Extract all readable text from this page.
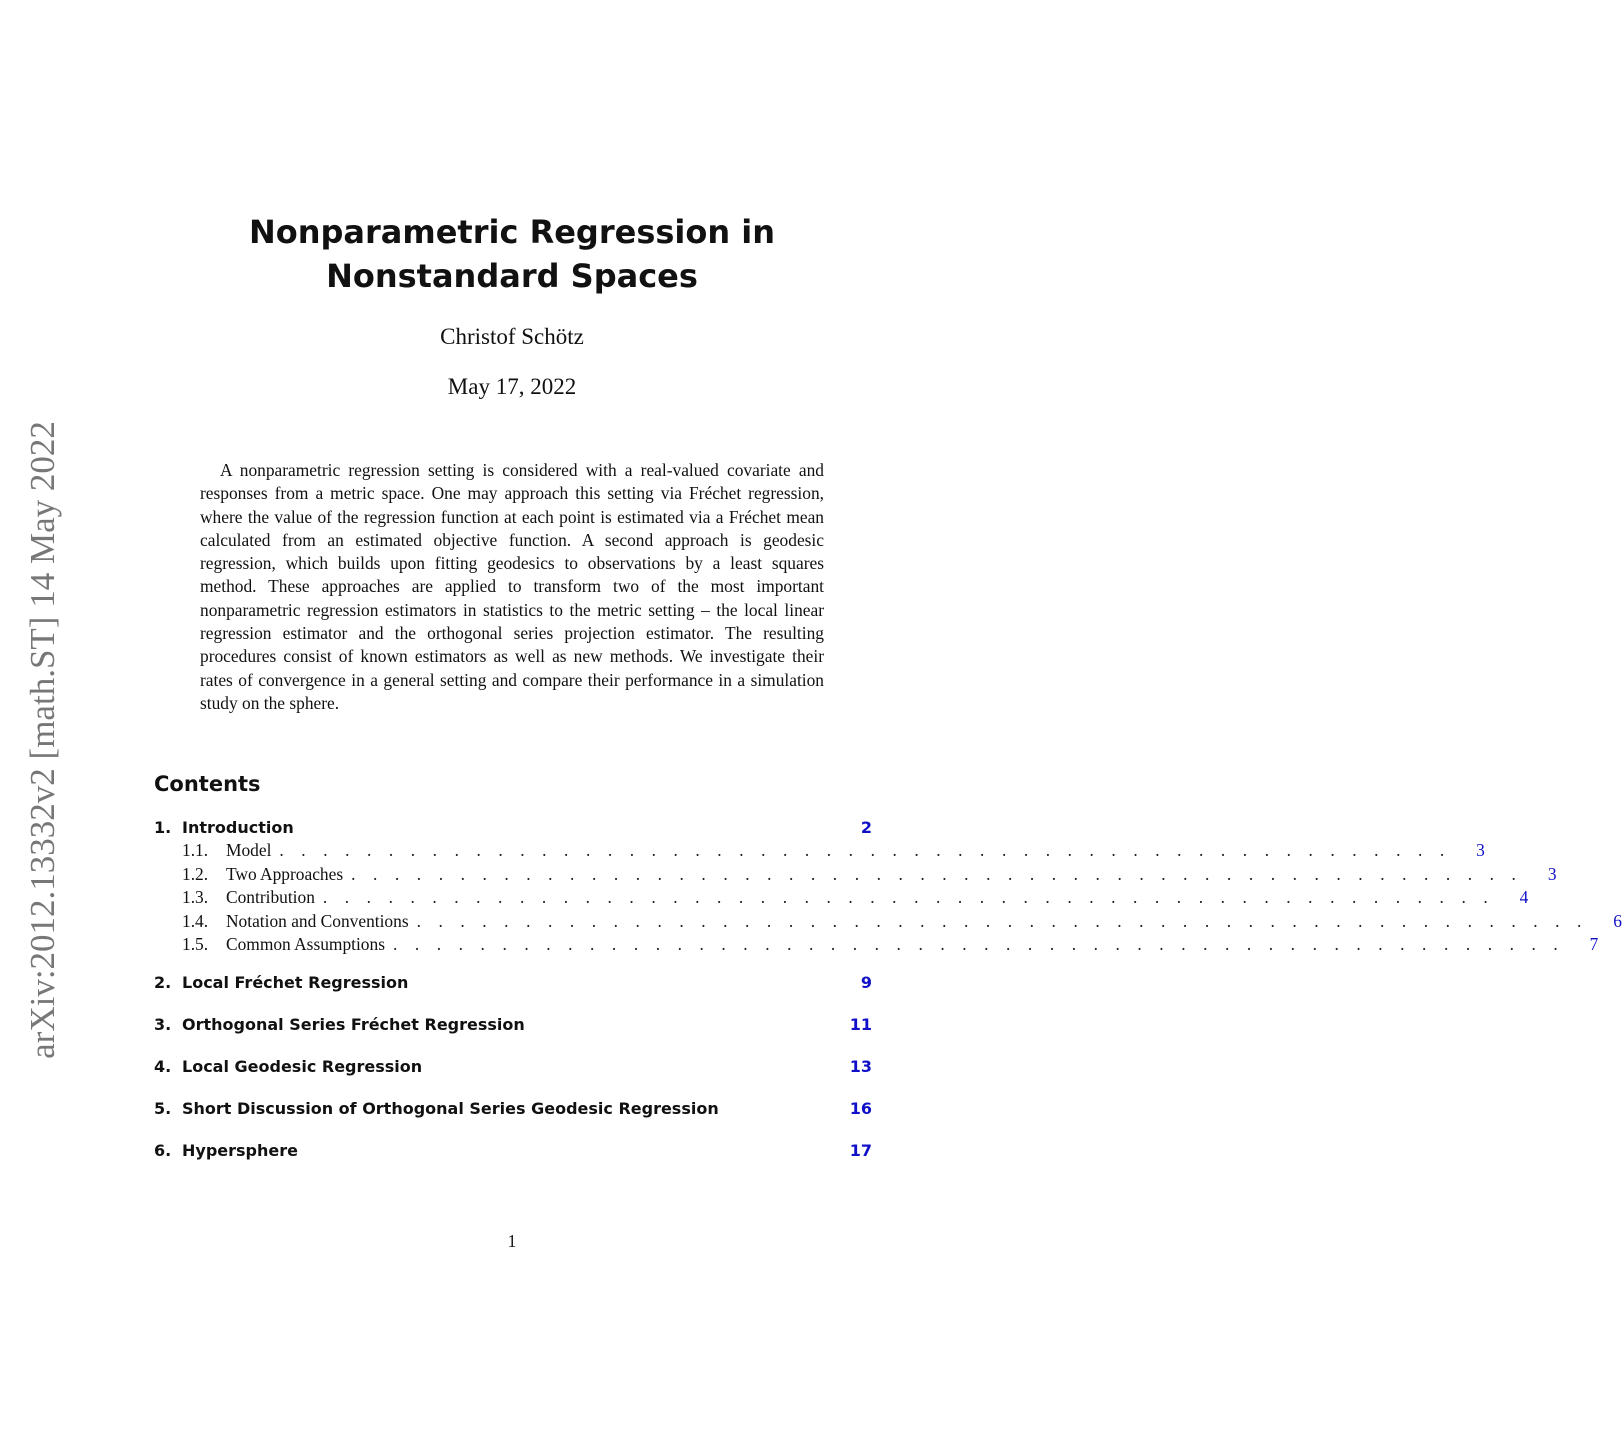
arXiv:2012.13332v2 [math.ST] 14 May 2022
Nonparametric Regression in Nonstandard Spaces
Christof Schötz
May 17, 2022

A nonparametric regression setting is considered with a real-valued covariate and responses from a metric space. One may approach this setting via Fréchet regression, where the value of the regression function at each point is estimated via a Fréchet mean calculated from an estimated objective function. A second approach is geodesic regression, which builds upon fitting geodesics to observations by a least squares method. These approaches are applied to transform two of the most important nonparametric regression estimators in statistics to the metric setting – the local linear regression estimator and the orthogonal series projection estimator. The resulting procedures consist of known estimators as well as new methods. We investigate their rates of convergence in a general setting and compare their performance in a simulation study on the sphere.

Contents
1. Introduction	2
1.1.	Model . . . . . . . . . . . . . . . . . . . . . . . . . . . . . . . . . . . . . . . . . . . . . . . . . . . . . .	3
1.2.	Two Approaches . . . . . . . . . . . . . . . . . . . . . . . . . . . . . . . . . . . . . . . . . . . . . . . . . . . . . .	3
1.3.	Contribution . . . . . . . . . . . . . . . . . . . . . . . . . . . . . . . . . . . . . . . . . . . . . . . . . . . . . .	4
1.4.	Notation and Conventions . . . . . . . . . . . . . . . . . . . . . . . . . . . . . . . . . . . . . . . . . . . . . . . . . . . . . .	6
1.5.	Common Assumptions . . . . . . . . . . . . . . . . . . . . . . . . . . . . . . . . . . . . . . . . . . . . . . . . . . . . . .	7
2. Local Fréchet Regression	9
3. Orthogonal Series Fréchet Regression	11
4. Local Geodesic Regression	13
5. Short Discussion of Orthogonal Series Geodesic Regression	16
6. Hypersphere	17
1
